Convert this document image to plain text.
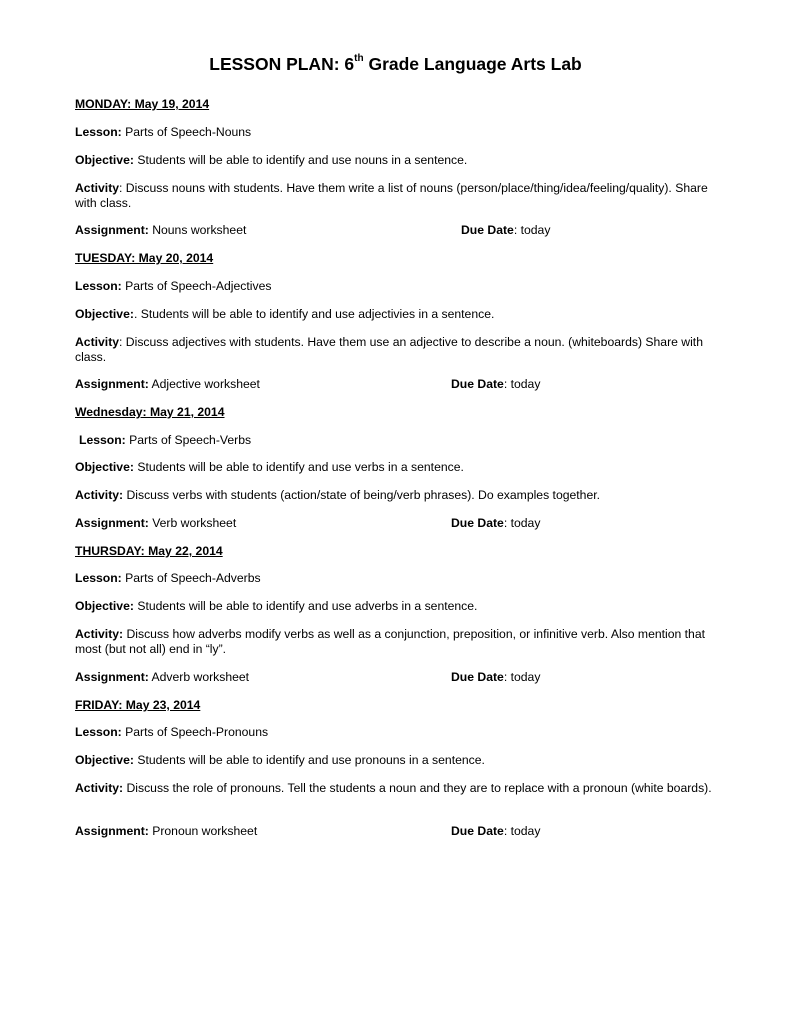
LESSON PLAN: 6th Grade Language Arts Lab
MONDAY: May 19, 2014
Lesson: Parts of Speech-Nouns
Objective: Students will be able to identify and use nouns in a sentence.
Activity: Discuss nouns with students. Have them write a list of nouns (person/place/thing/idea/feeling/quality). Share with class.
Assignment: Nouns worksheet	Due Date: today
TUESDAY: May 20, 2014
Lesson: Parts of Speech-Adjectives
Objective:. Students will be able to identify and use adjectivies in a sentence.
Activity: Discuss adjectives with students. Have them use an adjective to describe a noun. (whiteboards) Share with class.
Assignment: Adjective worksheet	Due Date: today
Wednesday: May 21, 2014
Lesson: Parts of Speech-Verbs
Objective: Students will be able to identify and use verbs in a sentence.
Activity: Discuss verbs with students (action/state of being/verb phrases). Do examples together.
Assignment: Verb worksheet	Due Date: today
THURSDAY: May 22, 2014
Lesson: Parts of Speech-Adverbs
Objective: Students will be able to identify and use adverbs in a sentence.
Activity: Discuss how adverbs modify verbs as well as a conjunction, preposition, or infinitive verb. Also mention that most (but not all) end in “ly”.
Assignment: Adverb worksheet	Due Date: today
FRIDAY: May 23, 2014
Lesson: Parts of Speech-Pronouns
Objective: Students will be able to identify and use pronouns in a sentence.
Activity: Discuss the role of pronouns. Tell the students a noun and they are to replace with a pronoun (white boards).
Assignment: Pronoun worksheet	Due Date: today
